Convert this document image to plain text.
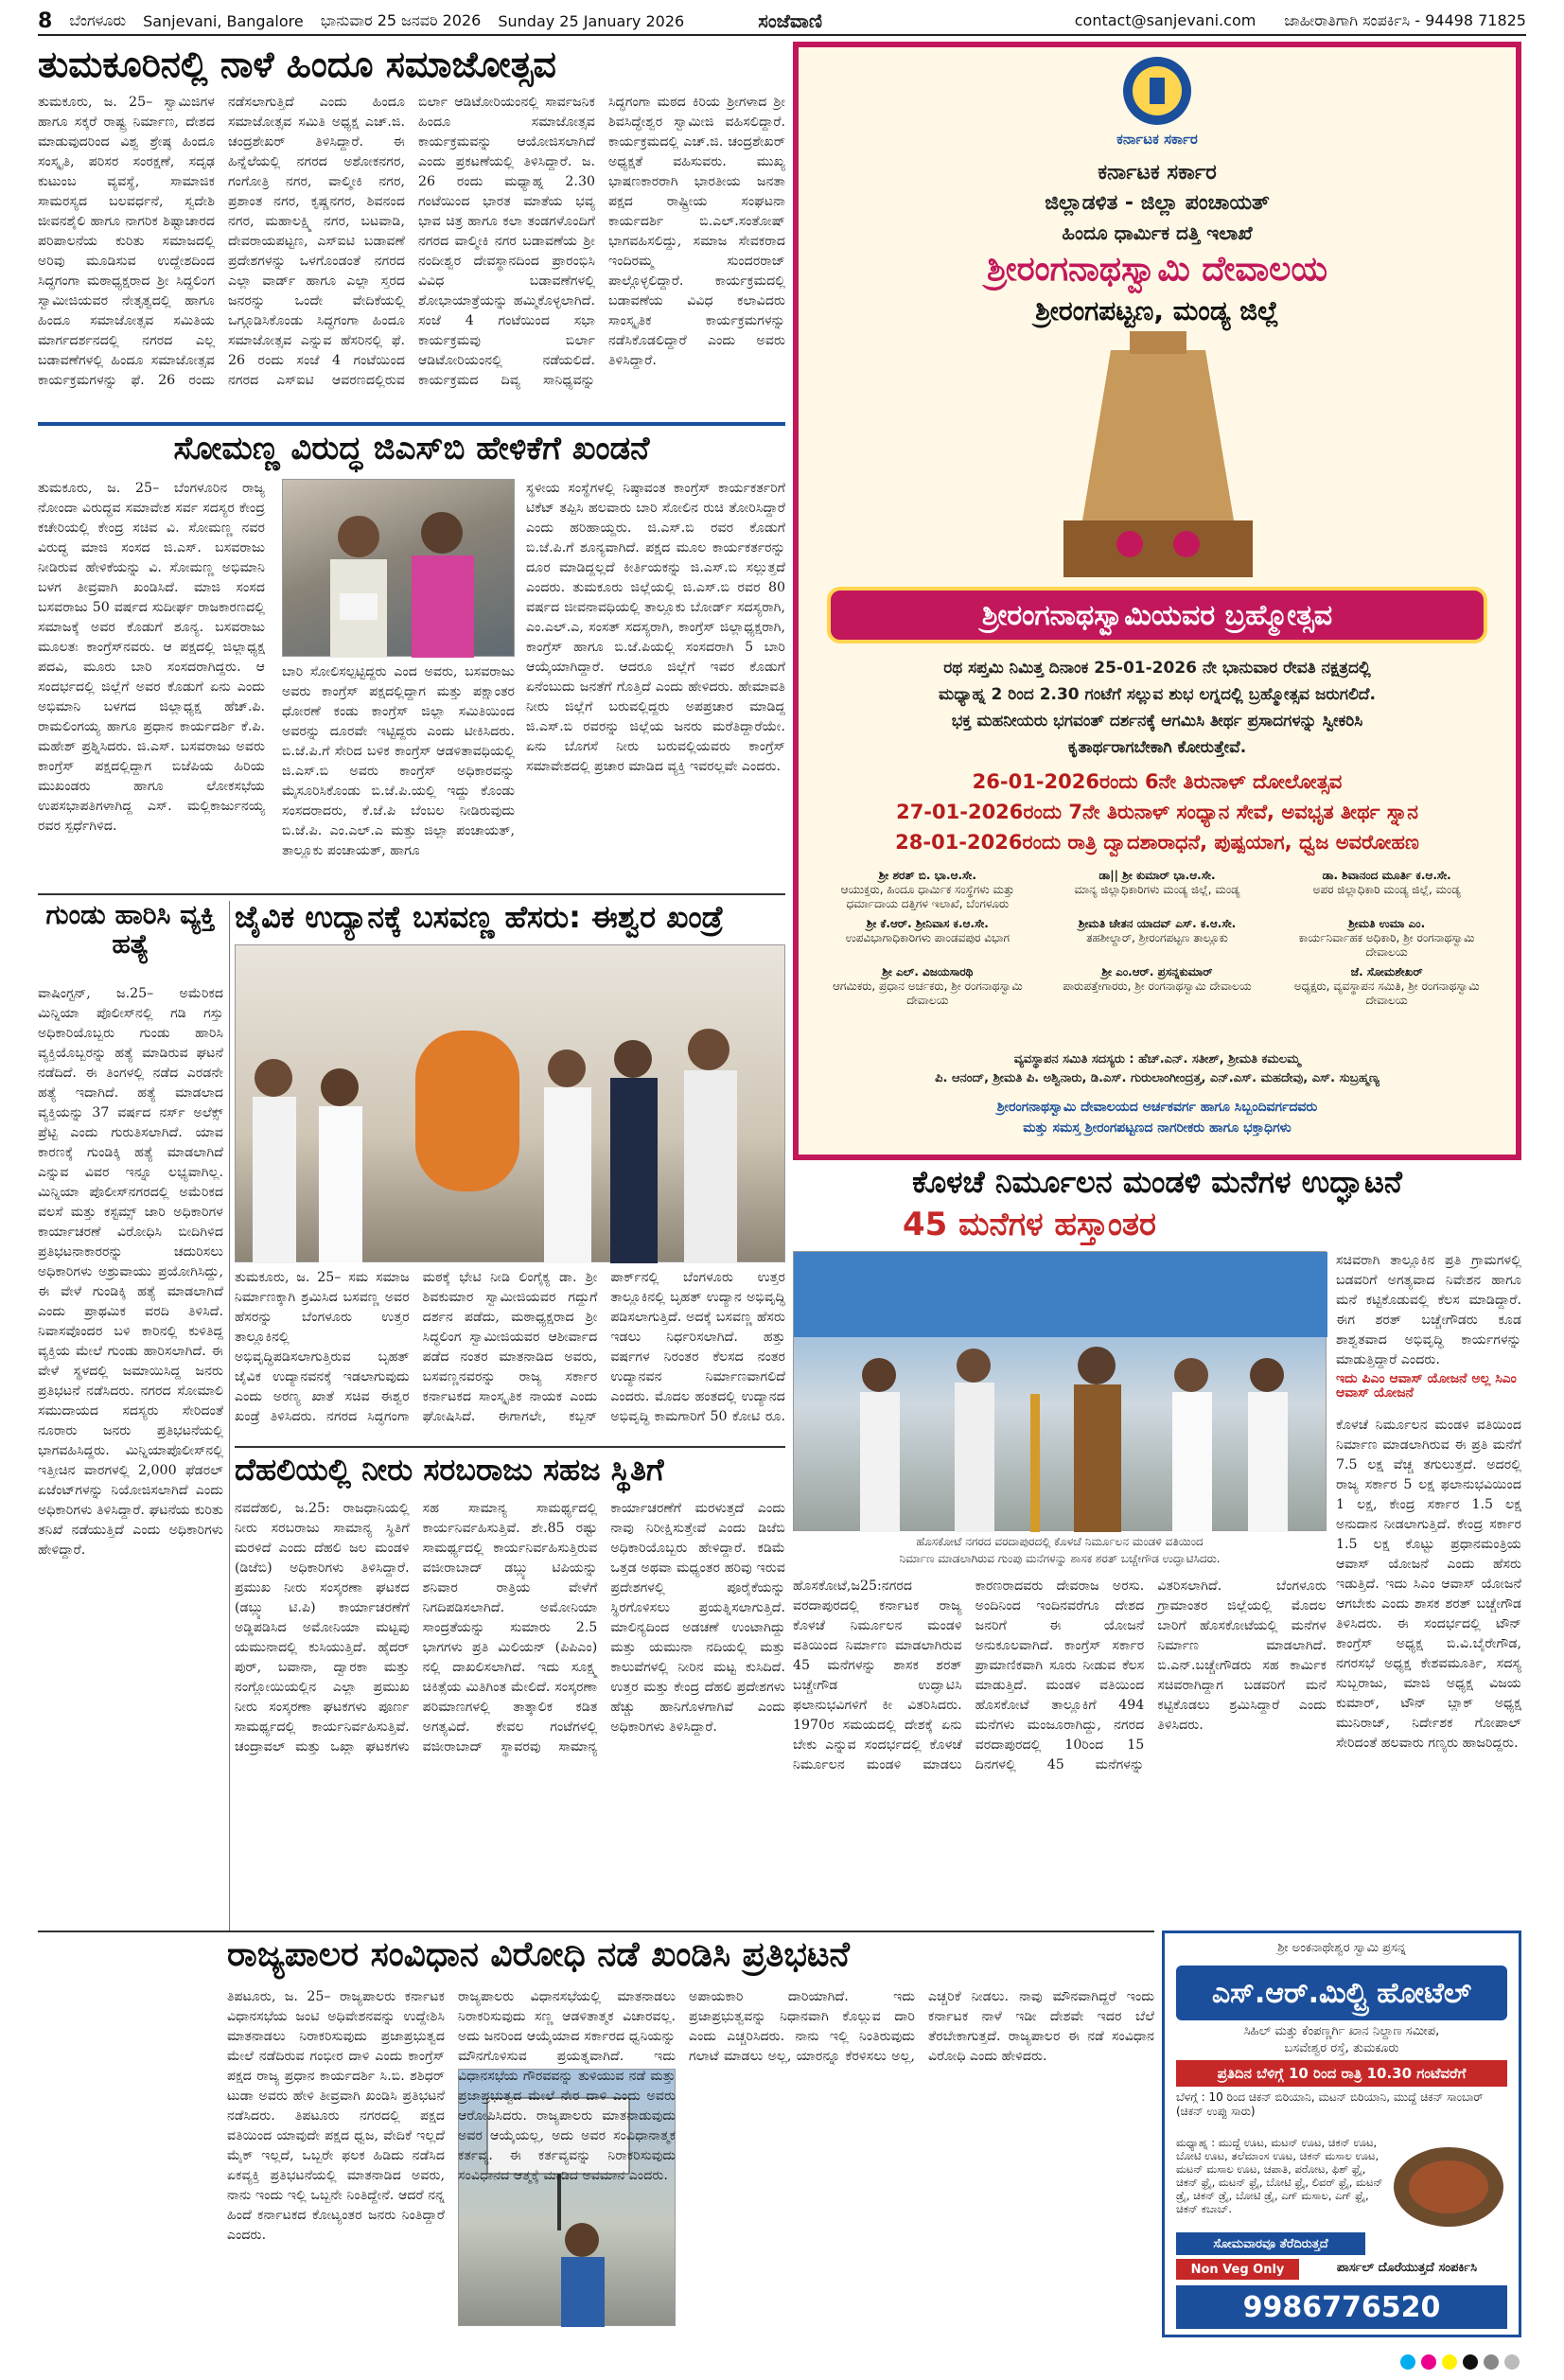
8 ಬೆಂಗಳೂರು Sanjevani, Bangalore ಭಾನುವಾರ 25 ಜನವರಿ 2026 Sunday 25 January 2026	ಸಂಜೆವಾಣಿ	contact@sanjevani.com ಜಾಹೀರಾತಿಗಾಗಿ ಸಂಪರ್ಕಿಸಿ - 94498 71825
ತುಮಕೂರಿನಲ್ಲಿ ನಾಳೆ ಹಿಂದೂ ಸಮಾಜೋತ್ಸವ
ತುಮಕೂರು, ಜ. 25– ಸ್ವಾಮಿಜಿಗಳ ಹಾಗೂ ಸಕ್ಕರೆ ರಾಷ್ಟ್ರ ನಿರ್ಮಾಣ, ದೇಶದ ಮಾಡುವುದರಿಂದ ವಿಶ್ವ ಶ್ರೇಷ್ಠ ಹಿಂದೂ ಸಂಸ್ಕೃತಿ, ಪರಿಸರ ಸಂರಕ್ಷಣೆ, ಸದೃಢ ಕುಟುಂಬ ವ್ಯವಸ್ಥೆ, ಸಾಮಾಜಿಕ ಸಾಮರಸ್ಯದ ಬಲವರ್ಧನೆ, ಸ್ವದೇಶಿ ಜೀವನಶೈಲಿ ಹಾಗೂ ನಾಗರಿಕ ಶಿಷ್ಟಾಚಾರದ ಪರಿಪಾಲನೆಯ ಕುರಿತು ಸಮಾಜದಲ್ಲಿ ಅರಿವು ಮೂಡಿಸುವ ಉದ್ದೇಶದಿಂದ ಸಿದ್ಧಗಂಗಾ ಮಠಾಧ್ಯಕ್ಷರಾದ ಶ್ರೀ ಸಿದ್ಧಲಿಂಗ ಸ್ವಾಮೀಜಿಯವರ ನೇತೃತ್ವದಲ್ಲಿ ಹಾಗೂ ಹಿಂದೂ ಸಮಾಜೋತ್ಸವ ಸಮಿತಿಯ ಮಾರ್ಗದರ್ಶನದಲ್ಲಿ ನಗರದ ಎಲ್ಲ ಬಡಾವಣೆಗಳಲ್ಲಿ ಹಿಂದೂ ಸಮಾಜೋತ್ಸವ ಕಾರ್ಯಕ್ರಮಗಳನ್ನು ಫೆ. 26 ರಂದು ನಡೆಸಲಾಗುತ್ತಿದೆ ಎಂದು ಹಿಂದೂ ಸಮಾಜೋತ್ಸವ ಸಮಿತಿ ಅಧ್ಯಕ್ಷ ಎಚ್.ಜಿ. ಚಂದ್ರಶೇಖರ್ ತಿಳಿಸಿದ್ದಾರೆ. ಈ ಹಿನ್ನೆಲೆಯಲ್ಲಿ ನಗರದ ಅಶೋಕನಗರ, ಗಂಗೋತ್ರಿ ನಗರ, ವಾಲ್ಮೀಕಿ ನಗರ, ಪ್ರಶಾಂತ ನಗರ, ಕೃಷ್ಣನಗರ, ಶಿವನಂದ ನಗರ, ಮಹಾಲಕ್ಷ್ಮಿ ನಗರ, ಬಟವಾಡಿ, ದೇವರಾಯಪಟ್ಟಣ, ಎಸ್ಐಟಿ ಬಡಾವಣೆ ಪ್ರದೇಶಗಳನ್ನು ಒಳಗೊಂಡಂತೆ ನಗರದ ಎಲ್ಲಾ ವಾರ್ಡ್ ಹಾಗೂ ಎಲ್ಲಾ ಸ್ತರದ ಜನರನ್ನು ಒಂದೇ ವೇದಿಕೆಯಲ್ಲಿ ಒಗ್ಗೂಡಿಸಿಕೊಂಡು ಸಿದ್ಧಗಂಗಾ ಹಿಂದೂ ಸಮಾಜೋತ್ಸವ ಎನ್ನುವ ಹೆಸರಿನಲ್ಲಿ ಫೆ. 26 ರಂದು ಸಂಜೆ 4 ಗಂಟೆಯಿಂದ ನಗರದ ಎಸ್ಐಟಿ ಆವರಣದಲ್ಲಿರುವ ಬಿರ್ಲಾ ಆಡಿಟೋರಿಯಂನಲ್ಲಿ ಸಾರ್ವಜನಿಕ ಹಿಂದೂ ಸಮಾಜೋತ್ಸವ ಕಾರ್ಯಕ್ರಮವನ್ನು ಆಯೋಜಿಸಲಾಗಿದೆ ಎಂದು ಪ್ರಕಟಣೆಯಲ್ಲಿ ತಿಳಿಸಿದ್ದಾರೆ. ಜ. 26 ರಂದು ಮಧ್ಯಾಹ್ನ 2.30 ಗಂಟೆಯಿಂದ ಭಾರತ ಮಾತೆಯ ಭವ್ಯ ಭಾವ ಚಿತ್ರ ಹಾಗೂ ಕಲಾ ತಂಡಗಳೊಂದಿಗೆ ನಗರದ ವಾಲ್ಮೀಕಿ ನಗರ ಬಡಾವಣೆಯ ಶ್ರೀ ನಂದೀಶ್ವರ ದೇವಸ್ಥಾನದಿಂದ ಪ್ರಾರಂಭಿಸಿ ವಿವಿಧ ಬಡಾವಣೆಗಳಲ್ಲಿ ಶೋಭಾಯಾತ್ರೆಯನ್ನು ಹಮ್ಮಿಕೊಳ್ಳಲಾಗಿದೆ. ಸಂಜೆ 4 ಗಂಟೆಯಿಂದ ಸಭಾ ಕಾರ್ಯಕ್ರಮವು ಬಿರ್ಲಾ ಆಡಿಟೋರಿಯಂನಲ್ಲಿ ನಡೆಯಲಿದೆ. ಕಾರ್ಯಕ್ರಮದ ದಿವ್ಯ ಸಾನಿಧ್ಯವನ್ನು ಸಿದ್ಧಗಂಗಾ ಮಠದ ಕಿರಿಯ ಶ್ರೀಗಳಾದ ಶ್ರೀ ಶಿವಸಿದ್ಧೇಶ್ವರ ಸ್ವಾಮೀಜಿ ವಹಿಸಲಿದ್ದಾರೆ. ಕಾರ್ಯಕ್ರಮದಲ್ಲಿ ಎಚ್.ಜಿ. ಚಂದ್ರಶೇಖರ್ ಅಧ್ಯಕ್ಷತೆ ವಹಿಸುವರು. ಮುಖ್ಯ ಭಾಷಣಕಾರರಾಗಿ ಭಾರತೀಯ ಜನತಾ ಪಕ್ಷದ ರಾಷ್ಟ್ರೀಯ ಸಂಘಟನಾ ಕಾರ್ಯದರ್ಶಿ ಬಿ.ಎಲ್.ಸಂತೋಷ್ ಭಾಗವಹಿಸಲಿದ್ದು, ಸಮಾಜ ಸೇವಕರಾದ ಇಂದಿರಮ್ಮ ಸುಂದರರಾಜ್ ಪಾಲ್ಗೊಳ್ಳಲಿದ್ದಾರೆ. ಕಾರ್ಯಕ್ರಮದಲ್ಲಿ ಬಡಾವಣೆಯ ವಿವಿಧ ಕಲಾವಿದರು ಸಾಂಸ್ಕೃತಿಕ ಕಾರ್ಯಕ್ರಮಗಳನ್ನು ನಡೆಸಿಕೊಡಲಿದ್ದಾರೆ ಎಂದು ಅವರು ತಿಳಿಸಿದ್ದಾರೆ.
ಸೋಮಣ್ಣ ವಿರುದ್ಧ ಜಿಎಸ್‌ಬಿ ಹೇಳಿಕೆಗೆ ಖಂಡನೆ
ತುಮಕೂರು, ಜ. 25– ಬೆಂಗಳೂರಿನ ರಾಜ್ಯ ನೋಂದಾ ವಿರುದ್ಧವ ಸಮಾವೇಶ ಸರ್ವ ಸದಸ್ಯರ ಕೇಂದ್ರ ಕಚೇರಿಯಲ್ಲಿ ಕೇಂದ್ರ ಸಚಿವ ವಿ. ಸೋಮಣ್ಣ ನವರ ವಿರುದ್ಧ ಮಾಜಿ ಸಂಸದ ಜಿ.ಎಸ್. ಬಸವರಾಜು ನೀಡಿರುವ ಹೇಳಿಕೆಯನ್ನು ವಿ. ಸೋಮಣ್ಣ ಅಭಿಮಾನಿ ಬಳಗ ತೀವ್ರವಾಗಿ ಖಂಡಿಸಿದೆ. ಮಾಜಿ ಸಂಸದ ಬಸವರಾಜು 50 ವರ್ಷದ ಸುದೀರ್ಘ ರಾಜಕಾರಣದಲ್ಲಿ ಸಮಾಜಕ್ಕೆ ಅವರ ಕೊಡುಗೆ ಶೂನ್ಯ. ಬಸವರಾಜು ಮೂಲತಃ ಕಾಂಗ್ರೆಸ್‌ನವರು. ಆ ಪಕ್ಷದಲ್ಲಿ ಜಿಲ್ಲಾಧ್ಯಕ್ಷ ಪದವಿ, ಮೂರು ಬಾರಿ ಸಂಸದರಾಗಿದ್ದರು. ಆ ಸಂದರ್ಭದಲ್ಲಿ ಜಿಲ್ಲೆಗೆ ಅವರ ಕೊಡುಗೆ ಏನು ಎಂದು ಅಭಿಮಾನಿ ಬಳಗದ ಜಿಲ್ಲಾಧ್ಯಕ್ಷ ಹೆಚ್.ಪಿ. ರಾಮಲಿಂಗಯ್ಯ ಹಾಗೂ ಪ್ರಧಾನ ಕಾರ್ಯದರ್ಶಿ ಕೆ.ಪಿ. ಮಹೇಶ್ ಪ್ರಶ್ನಿಸಿದರು. ಜಿ.ಎಸ್. ಬಸವರಾಜು ಅವರು ಕಾಂಗ್ರೆಸ್ ಪಕ್ಷದಲ್ಲಿದ್ದಾಗ ಬಿಜೆಪಿಯ ಹಿರಿಯ ಮುಖಂಡರು ಹಾಗೂ ಲೋಕಸಭೆಯ ಉಪಸಭಾಪತಿಗಳಾಗಿದ್ದ ಎಸ್. ಮಲ್ಲಿಕಾರ್ಜುನಯ್ಯ ರವರ ಸ್ಪರ್ಧೆಗಿಳಿದ.
ಬಾರಿ ಸೋಲಿಸಲ್ಪಟ್ಟಿದ್ದರು ಎಂದ ಅವರು, ಬಸವರಾಜು ಅವರು ಕಾಂಗ್ರೆಸ್ ಪಕ್ಷದಲ್ಲಿದ್ದಾಗ ಮತ್ತು ಪಕ್ಷಾಂತರ ಧೋರಣೆ ಕಂಡು ಕಾಂಗ್ರೆಸ್ ಜಿಲ್ಲಾ ಸಮಿತಿಯಿಂದ ಅವರನ್ನು ದೂರವೇ ಇಟ್ಟಿದ್ದರು ಎಂದು ಟೀಕಿಸಿದರು. ಬಿ.ಜೆ.ಪಿ.ಗೆ ಸೇರಿದ ಬಳಿಕ ಕಾಂಗ್ರೆಸ್ ಆಡಳಿತಾವಧಿಯಲ್ಲಿ ಜಿ.ಎಸ್.ಬಿ ಅವರು ಕಾಂಗ್ರೆಸ್ ಅಧಿಕಾರವನ್ನು ಮೈಸೂರಿಸಿಕೊಂಡು ಬಿ.ಜೆ.ಪಿ.ಯಲ್ಲಿ ಇದ್ದು ಕೊಂಡು ಸಂಸದರಾದರು, ಕೆ.ಜೆ.ಪಿ ಬೆಂಬಲ ನೀಡಿರುವುದು ಬಿ.ಜೆ.ಪಿ. ಎಂ.ಎಲ್.ಎ ಮತ್ತು ಜಿಲ್ಲಾ ಪಂಚಾಯತ್, ತಾಲ್ಲೂಕು ಪಂಚಾಯತ್, ಹಾಗೂ
ಸ್ಥಳೀಯ ಸಂಸ್ಥೆಗಳಲ್ಲಿ ನಿಷ್ಠಾವಂತ ಕಾಂಗ್ರೆಸ್ ಕಾರ್ಯಕರ್ತರಿಗೆ ಟಿಕೆಟ್ ತಪ್ಪಿಸಿ ಹಲವಾರು ಬಾರಿ ಸೋಲಿನ ರುಚಿ ತೋರಿಸಿದ್ದಾರೆ ಎಂದು ಹರಿಹಾಯ್ದರು. ಜಿ.ಎಸ್.ಬಿ ರವರ ಕೊಡುಗೆ ಬಿ.ಜೆ.ಪಿ.ಗೆ ಶೂನ್ಯವಾಗಿದೆ. ಪಕ್ಷದ ಮೂಲ ಕಾರ್ಯಕರ್ತರನ್ನು ದೂರ ಮಾಡಿದ್ದಲ್ಲದೆ ಕೀರ್ತಿಯಕನ್ನು ಜಿ.ಎಸ್.ಬಿ ಸಲ್ಲುತ್ತದೆ ಎಂದರು. ತುಮಕೂರು ಜಿಲ್ಲೆಯಲ್ಲಿ ಜಿ.ಎಸ್.ಬಿ ರವರ 80 ವರ್ಷದ ಜೀವನಾವಧಿಯಲ್ಲಿ ತಾಲ್ಲೂಕು ಬೋರ್ಡ್ ಸದಸ್ಯರಾಗಿ, ಎಂ.ಎಲ್.ಎ, ಸಂಸತ್ ಸದಸ್ಯರಾಗಿ, ಕಾಂಗ್ರೆಸ್ ಜಿಲ್ಲಾಧ್ಯಕ್ಷರಾಗಿ, ಕಾಂಗ್ರೆಸ್ ಹಾಗೂ ಬಿ.ಜೆ.ಪಿಯಲ್ಲಿ ಸಂಸದರಾಗಿ 5 ಬಾರಿ ಆಯ್ಕೆಯಾಗಿದ್ದಾರೆ. ಆದರೂ ಜಿಲ್ಲೆಗೆ ಇವರ ಕೊಡುಗೆ ಏನೆಂಬುದು ಜನತೆಗೆ ಗೊತ್ತಿದೆ ಎಂದು ಹೇಳಿದರು. ಹೇಮಾವತಿ ನೀರು ಜಿಲ್ಲೆಗೆ ಬರುವಲ್ಲಿದ್ದರು ಅಪಪ್ರಚಾರ ಮಾಡಿದ್ದ ಜಿ.ಎಸ್.ಬಿ ರವರನ್ನು ಜಿಲ್ಲೆಯ ಜನರು ಮರೆತಿದ್ದಾರೆಯೇ. ಏನು ಬೊಗಸೆ ನೀರು ಬರುವಲ್ಲಿಯವರು ಕಾಂಗ್ರೆಸ್ ಸಮಾವೇಶದಲ್ಲಿ ಪ್ರಚಾರ ಮಾಡಿದ ವ್ಯಕ್ತಿ ಇವರಲ್ಲವೇ ಎಂದರು.
ಗುಂಡು ಹಾರಿಸಿ ವ್ಯಕ್ತಿ ಹತ್ಯೆ
ವಾಷಿಂಗ್ಟನ್, ಜ.25– ಅಮೆರಿಕದ ಮಿನ್ನಿಯಾ ಪೊಲೀಸ್‌ನಲ್ಲಿ ಗಡಿ ಗಸ್ತು ಅಧಿಕಾರಿಯೊಬ್ಬರು ಗುಂಡು ಹಾರಿಸಿ ವ್ಯಕ್ತಿಯೊಬ್ಬರನ್ನು ಹತ್ಯೆ ಮಾಡಿರುವ ಘಟನೆ ನಡೆದಿದೆ. ಈ ತಿಂಗಳಲ್ಲಿ ನಡೆದ ಎರಡನೇ ಹತ್ಯೆ ಇದಾಗಿದೆ. ಹತ್ಯೆ ಮಾಡಲಾದ ವ್ಯಕ್ತಿಯನ್ನು 37 ವರ್ಷದ ನರ್ಸ್ ಅಲೆಕ್ಸ್ ಪ್ರೆಟ್ಟಿ ಎಂದು ಗುರುತಿಸಲಾಗಿದೆ. ಯಾವ ಕಾರಣಕ್ಕೆ ಗುಂಡಿಕ್ಕಿ ಹತ್ಯೆ ಮಾಡಲಾಗಿದೆ ಎನ್ನುವ ವಿವರ ಇನ್ನೂ ಲಭ್ಯವಾಗಿಲ್ಲ. ಮಿನ್ನಿಯಾ ಪೊಲೀಸ್‌ನಗರದಲ್ಲಿ ಅಮೆರಿಕದ ವಲಸೆ ಮತ್ತು ಕಸ್ಟಮ್ಸ್ ಜಾರಿ ಅಧಿಕಾರಿಗಳ ಕಾರ್ಯಾಚರಣೆ ವಿರೋಧಿಸಿ ಬೀದಿಗಿಳಿದ ಪ್ರತಿಭಟನಾಕಾರರನ್ನು ಚದುರಿಸಲು ಅಧಿಕಾರಿಗಳು ಅಶ್ರುವಾಯು ಪ್ರಯೋಗಿಸಿದ್ದು, ಈ ವೇಳೆ ಗುಂಡಿಕ್ಕಿ ಹತ್ಯೆ ಮಾಡಲಾಗಿದೆ ಎಂದು ಪ್ರಾಥಮಿಕ ವರದಿ ತಿಳಿಸಿದೆ. ನಿವಾಸವೊಂದರ ಬಳಿ ಕಾರಿನಲ್ಲಿ ಕುಳಿತಿದ್ದ ವ್ಯಕ್ತಿಯ ಮೇಲೆ ಗುಂಡು ಹಾರಿಸಲಾಗಿದೆ. ಈ ವೇಳೆ ಸ್ಥಳದಲ್ಲಿ ಜಮಾಯಿಸಿದ್ದ ಜನರು ಪ್ರತಿಭಟನೆ ನಡೆಸಿದರು. ನಗರದ ಸೋಮಾಲಿ ಸಮುದಾಯದ ಸದಸ್ಯರು ಸೇರಿದಂತೆ ನೂರಾರು ಜನರು ಪ್ರತಿಭಟನೆಯಲ್ಲಿ ಭಾಗವಹಿಸಿದ್ದರು. ಮಿನ್ನಿಯಾಪೊಲೀಸ್‌ನಲ್ಲಿ ಇತ್ತೀಚಿನ ವಾರಗಳಲ್ಲಿ 2,000 ಫೆಡರಲ್ ಏಜೆಂಟ್‌ಗಳನ್ನು ನಿಯೋಜಿಸಲಾಗಿದೆ ಎಂದು ಅಧಿಕಾರಿಗಳು ತಿಳಿಸಿದ್ದಾರೆ. ಘಟನೆಯ ಕುರಿತು ತನಿಖೆ ನಡೆಯುತ್ತಿದೆ ಎಂದು ಅಧಿಕಾರಿಗಳು ಹೇಳಿದ್ದಾರೆ.
ಜೈವಿಕ ಉದ್ಯಾನಕ್ಕೆ ಬಸವಣ್ಣ ಹೆಸರು: ಈಶ್ವರ ಖಂಡ್ರೆ
ತುಮಕೂರು, ಜ. 25– ಸಮ ಸಮಾಜ ನಿರ್ಮಾಣಕ್ಕಾಗಿ ಶ್ರಮಿಸಿದ ಬಸವಣ್ಣ ಅವರ ಹೆಸರನ್ನು ಬೆಂಗಳೂರು ಉತ್ತರ ತಾಲ್ಲೂಕಿನಲ್ಲಿ ಅಭಿವೃದ್ಧಿಪಡಿಸಲಾಗುತ್ತಿರುವ ಬೃಹತ್ ಜೈವಿಕ ಉದ್ಯಾನವನಕ್ಕೆ ಇಡಲಾಗುವುದು ಎಂದು ಅರಣ್ಯ ಖಾತೆ ಸಚಿವ ಈಶ್ವರ ಖಂಡ್ರೆ ತಿಳಿಸಿದರು. ನಗರದ ಸಿದ್ಧಗಂಗಾ ಮಠಕ್ಕೆ ಭೇಟಿ ನೀಡಿ ಲಿಂಗೈಕ್ಯ ಡಾ. ಶ್ರೀ ಶಿವಕುಮಾರ ಸ್ವಾಮೀಜಿಯವರ ಗದ್ದುಗೆ ದರ್ಶನ ಪಡೆದು, ಮಠಾಧ್ಯಕ್ಷರಾದ ಶ್ರೀ ಸಿದ್ಧಲಿಂಗ ಸ್ವಾಮೀಜಿಯವರ ಆಶೀರ್ವಾದ ಪಡೆದ ನಂತರ ಮಾತನಾಡಿದ ಅವರು, ಬಸವಣ್ಣನವರನ್ನು ರಾಜ್ಯ ಸರ್ಕಾರ ಕರ್ನಾಟಕದ ಸಾಂಸ್ಕೃತಿಕ ನಾಯಕ ಎಂದು ಘೋಷಿಸಿದೆ. ಈಗಾಗಲೇ, ಕಬ್ಬನ್ ಪಾರ್ಕ್‌ನಲ್ಲಿ ಬೆಂಗಳೂರು ಉತ್ತರ ತಾಲ್ಲೂಕಿನಲ್ಲಿ ಬೃಹತ್ ಉದ್ಯಾನ ಅಭಿವೃದ್ಧಿ ಪಡಿಸಲಾಗುತ್ತಿದೆ. ಅದಕ್ಕೆ ಬಸವಣ್ಣ ಹೆಸರು ಇಡಲು ನಿರ್ಧರಿಸಲಾಗಿದೆ. ಹತ್ತು ವರ್ಷಗಳ ನಿರಂತರ ಕೆಲಸದ ನಂತರ ಉದ್ಯಾನವನ ನಿರ್ಮಾಣವಾಗಲಿದೆ ಎಂದರು. ಮೊದಲ ಹಂತದಲ್ಲಿ ಉದ್ಯಾನದ ಅಭಿವೃದ್ಧಿ ಕಾಮಗಾರಿಗೆ 50 ಕೋಟಿ ರೂ.
ದೆಹಲಿಯಲ್ಲಿ ನೀರು ಸರಬರಾಜು ಸಹಜ ಸ್ಥಿತಿಗೆ
ನವದೆಹಲಿ, ಜ.25: ರಾಜಧಾನಿಯಲ್ಲಿ ನೀರು ಸರಬರಾಜು ಸಾಮಾನ್ಯ ಸ್ಥಿತಿಗೆ ಮರಳಿದೆ ಎಂದು ದೆಹಲಿ ಜಲ ಮಂಡಳಿ (ಡಿಜೆಬಿ) ಅಧಿಕಾರಿಗಳು ತಿಳಿಸಿದ್ದಾರೆ. ಪ್ರಮುಖ ನೀರು ಸಂಸ್ಕರಣಾ ಘಟಕದ (ಡಬ್ಲ್ಯು ಟಿ.ಪಿ) ಕಾರ್ಯಾಚರಣೆಗೆ ಅಡ್ಡಿಪಡಿಸಿದ ಅಮೋನಿಯಾ ಮಟ್ಟವು ಯಮುನಾದಲ್ಲಿ ಕುಸಿಯುತ್ತಿದೆ. ಹೈದರ್ ಪುರ್, ಬವಾನಾ, ದ್ವಾರಕಾ ಮತ್ತು ನಂಗ್ಲೋಯಿಯಲ್ಲಿನ ಎಲ್ಲಾ ಪ್ರಮುಖ ನೀರು ಸಂಸ್ಕರಣಾ ಘಟಕಗಳು ಪೂರ್ಣ ಸಾಮರ್ಥ್ಯದಲ್ಲಿ ಕಾರ್ಯನಿರ್ವಹಿಸುತ್ತಿವೆ. ಚಂದ್ರಾವಲ್ ಮತ್ತು ಒಖ್ಲಾ ಘಟಕಗಳು ಸಹ ಸಾಮಾನ್ಯ ಸಾಮರ್ಥ್ಯದಲ್ಲಿ ಕಾರ್ಯನಿರ್ವಹಿಸುತ್ತಿವೆ. ಶೇ.85 ರಷ್ಟು ಸಾಮರ್ಥ್ಯದಲ್ಲಿ ಕಾರ್ಯನಿರ್ವಹಿಸುತ್ತಿರುವ ವಜೀರಾಬಾದ್ ಡಬ್ಲ್ಯು ಟಿಪಿಯನ್ನು ಶನಿವಾರ ರಾತ್ರಿಯ ವೇಳೆಗೆ ನಿಗದಿಪಡಿಸಲಾಗಿದೆ. ಅಮೋನಿಯಾ ಸಾಂದ್ರತೆಯನ್ನು ಸುಮಾರು 2.5 ಭಾಗಗಳು ಪ್ರತಿ ಮಿಲಿಯನ್ (ಪಿಪಿಎಂ) ನಲ್ಲಿ ದಾಖಲಿಸಲಾಗಿದೆ. ಇದು ಸೂಕ್ಷ್ಮ ಚಿಕಿತ್ಸೆಯ ಮಿತಿಗಿಂತ ಮೇಲಿದೆ. ಸಂಸ್ಕರಣಾ ಪರಿಮಾಣಗಳಲ್ಲಿ ತಾತ್ಕಾಲಿಕ ಕಡಿತ ಅಗತ್ಯವಿದೆ. ಕೇವಲ ಗಂಟೆಗಳಲ್ಲಿ ವಜೀರಾಬಾದ್ ಸ್ಥಾವರವು ಸಾಮಾನ್ಯ ಕಾರ್ಯಾಚರಣೆಗೆ ಮರಳುತ್ತದೆ ಎಂದು ನಾವು ನಿರೀಕ್ಷಿಸುತ್ತೇವೆ ಎಂದು ಡಿಜೆಬಿ ಅಧಿಕಾರಿಯೊಬ್ಬರು ಹೇಳಿದ್ದಾರೆ. ಕಡಿಮೆ ಒತ್ತಡ ಅಥವಾ ಮಧ್ಯಂತರ ಹರಿವು ಇರುವ ಪ್ರದೇಶಗಳಲ್ಲಿ ಪೂರೈಕೆಯನ್ನು ಸ್ಥಿರಗೊಳಿಸಲು ಪ್ರಯತ್ನಿಸಲಾಗುತ್ತಿದೆ. ಮಾಲಿನ್ಯದಿಂದ ಅಡಚಣೆ ಉಂಟಾಗಿದ್ದು ಮತ್ತು ಯಮುನಾ ನದಿಯಲ್ಲಿ ಮತ್ತು ಕಾಲುವೆಗಳಲ್ಲಿ ನೀರಿನ ಮಟ್ಟ ಕುಸಿದಿದೆ. ಉತ್ತರ ಮತ್ತು ಕೇಂದ್ರ ದೆಹಲಿ ಪ್ರದೇಶಗಳು ಹೆಚ್ಚು ಹಾನಿಗೊಳಗಾಗಿವೆ ಎಂದು ಅಧಿಕಾರಿಗಳು ತಿಳಿಸಿದ್ದಾರೆ.
ಕರ್ನಾಟಕ ಸರ್ಕಾರ
ಕರ್ನಾಟಕ ಸರ್ಕಾರ
ಜಿಲ್ಲಾಡಳಿತ - ಜಿಲ್ಲಾ ಪಂಚಾಯತ್
ಹಿಂದೂ ಧಾರ್ಮಿಕ ದತ್ತಿ ಇಲಾಖೆ
ಶ್ರೀರಂಗನಾಥಸ್ವಾಮಿ ದೇವಾಲಯ
ಶ್ರೀರಂಗಪಟ್ಟಣ, ಮಂಡ್ಯ ಜಿಲ್ಲೆ
ಶ್ರೀರಂಗನಾಥಸ್ವಾಮಿಯವರ ಬ್ರಹ್ಮೋತ್ಸವ
ರಥ ಸಪ್ತಮಿ ನಿಮಿತ್ತ ದಿನಾಂಕ 25-01-2026 ನೇ ಭಾನುವಾರ ರೇವತಿ ನಕ್ಷತ್ರದಲ್ಲಿ
ಮಧ್ಯಾಹ್ನ 2 ರಿಂದ 2.30 ಗಂಟೆಗೆ ಸಲ್ಲುವ ಶುಭ ಲಗ್ನದಲ್ಲಿ ಬ್ರಹ್ಮೋತ್ಸವ ಜರುಗಲಿದೆ.
ಭಕ್ತ ಮಹನೀಯರು ಭಗವಂತ್ ದರ್ಶನಕ್ಕೆ ಆಗಮಿಸಿ ತೀರ್ಥ ಪ್ರಸಾದಗಳನ್ನು ಸ್ವೀಕರಿಸಿ
ಕೃತಾರ್ಥರಾಗಬೇಕಾಗಿ ಕೋರುತ್ತೇವೆ.
26-01-2026ರಂದು 6ನೇ ತಿರುನಾಳ್ ದೋಲೋತ್ಸವ
27-01-2026ರಂದು 7ನೇ ತಿರುನಾಳ್ ಸಂಧ್ಯಾನ ಸೇವೆ, ಅವಭೃತ ತೀರ್ಥ ಸ್ನಾನ
28-01-2026ರಂದು ರಾತ್ರಿ ದ್ವಾದಶಾರಾಧನೆ, ಪುಷ್ಪಯಾಗ, ಧ್ವಜ ಅವರೋಹಣ
ಶ್ರೀ ಶರತ್ ಬಿ. ಭಾ.ಆ.ಸೇ.
ಆಯುಕ್ತರು, ಹಿಂದೂ ಧಾರ್ಮಿಕ ಸಂಸ್ಥೆಗಳು ಮತ್ತು ಧರ್ಮಾದಾಯ ದತ್ತಿಗಳ ಇಲಾಖೆ, ಬೆಂಗಳೂರು
ಡಾ|| ಶ್ರೀ ಕುಮಾರ್ ಭಾ.ಆ.ಸೇ.
ಮಾನ್ಯ ಜಿಲ್ಲಾಧಿಕಾರಿಗಳು ಮಂಡ್ಯ ಜಿಲ್ಲೆ, ಮಂಡ್ಯ
ಡಾ. ಶಿವಾನಂದ ಮೂರ್ತಿ ಕ.ಆ.ಸೇ.
ಅಪರ ಜಿಲ್ಲಾಧಿಕಾರಿ ಮಂಡ್ಯ ಜಿಲ್ಲೆ, ಮಂಡ್ಯ
ಶ್ರೀ ಕೆ.ಆರ್. ಶ್ರೀನಿವಾಸ ಕ.ಆ.ಸೇ.
ಉಪವಿಭಾಗಾಧಿಕಾರಿಗಳು ಪಾಂಡವಪುರ ವಿಭಾಗ
ಶ್ರೀಮತಿ ಚೇತನ ಯಾದವ್ ಎಸ್. ಕ.ಆ.ಸೇ.
ತಹಶೀಲ್ದಾರ್, ಶ್ರೀರಂಗಪಟ್ಟಣ ತಾಲ್ಲೂಕು
ಶ್ರೀಮತಿ ಉಮಾ ಎಂ.
ಕಾರ್ಯನಿರ್ವಾಹಕ ಅಧಿಕಾರಿ, ಶ್ರೀ ರಂಗನಾಥಸ್ವಾಮಿ ದೇವಾಲಯ
ಶ್ರೀ ಎಲ್. ವಿಜಯಸಾರಥಿ
ಆಗಮಿಕರು, ಪ್ರಧಾನ ಅರ್ಚಕರು, ಶ್ರೀ ರಂಗನಾಥಸ್ವಾಮಿ ದೇವಾಲಯ
ಶ್ರೀ ಎಂ.ಆರ್. ಪ್ರಸನ್ನಕುಮಾರ್
ಪಾರುಪತ್ತೇಗಾರರು, ಶ್ರೀ ರಂಗನಾಥಸ್ವಾಮಿ ದೇವಾಲಯ
ಜೆ. ಸೋಮಶೇಖರ್
ಅಧ್ಯಕ್ಷರು, ವ್ಯವಸ್ಥಾಪನ ಸಮಿತಿ, ಶ್ರೀ ರಂಗನಾಥಸ್ವಾಮಿ ದೇವಾಲಯ
ವ್ಯವಸ್ಥಾಪನ ಸಮಿತಿ ಸದಸ್ಯರು : ಹೆಚ್.ಎನ್. ಸತೀಶ್, ಶ್ರೀಮತಿ ಕಮಲಮ್ಮ
ಪಿ. ಆನಂದ್, ಶ್ರೀಮತಿ ಪಿ. ಅಶ್ವಿನಾರು, ಡಿ.ಎಸ್. ಗುರುಲಾಂಗೀಂದ್ರತ್ತ, ಎನ್.ಎಸ್. ಮಹದೇವು, ಎಸ್. ಸುಬ್ರಹ್ಮಣ್ಯ
ಶ್ರೀರಂಗನಾಥಸ್ವಾಮಿ ದೇವಾಲಯದ ಅರ್ಚಕವರ್ಗ ಹಾಗೂ ಸಿಬ್ಬಂದಿವರ್ಗದವರು
ಮತ್ತು ಸಮಸ್ತ ಶ್ರೀರಂಗಪಟ್ಟಣದ ನಾಗರೀಕರು ಹಾಗೂ ಭಕ್ತಾಧಿಗಳು
ಕೊಳಚೆ ನಿರ್ಮೂಲನ ಮಂಡಳಿ ಮನೆಗಳ ಉದ್ಘಾಟನೆ
45 ಮನೆಗಳ ಹಸ್ತಾಂತರ
ಹೊಸಕೋಟೆ ನಗರದ ವರದಾಪುರದಲ್ಲಿ ಕೊಳಚೆ ನಿರ್ಮೂಲನ ಮಂಡಳಿ ವತಿಯಿಂದ
ನಿರ್ಮಾಣ ಮಾಡಲಾಗಿರುವ ಗುಂಪು ಮನೆಗಳನ್ನು ಶಾಸಕ ಶರತ್ ಬಚ್ಚೇಗೌಡ ಉದ್ಘಾಟಿಸಿದರು.
ಸಚಿವರಾಗಿ ತಾಲ್ಲೂಕಿನ ಪ್ರತಿ ಗ್ರಾಮಗಳಲ್ಲಿ ಬಡವರಿಗೆ ಅಗತ್ಯವಾದ ನಿವೇಶನ ಹಾಗೂ ಮನೆ ಕಟ್ಟಿಕೊಡುವಲ್ಲಿ ಕೆಲಸ ಮಾಡಿದ್ದಾರೆ. ಈಗ ಶರತ್ ಬಚ್ಚೇಗೌಡರು ಕೂಡ ಶಾಶ್ವತವಾದ ಅಭಿವೃದ್ಧಿ ಕಾರ್ಯಗಳನ್ನು ಮಾಡುತ್ತಿದ್ದಾರೆ ಎಂದರು.
ಇದು ಪಿಎಂ ಆವಾಸ್ ಯೋಜನೆ ಅಲ್ಲ ಸಿಎಂ ಆವಾಸ್ ಯೋಜನೆ
ಕೊಳಚೆ ನಿರ್ಮೂಲನ ಮಂಡಳಿ ವತಿಯಿಂದ ನಿರ್ಮಾಣ ಮಾಡಲಾಗಿರುವ ಈ ಪ್ರತಿ ಮನೆಗೆ 7.5 ಲಕ್ಷ ವೆಚ್ಚ ತಗುಲುತ್ತದೆ. ಅದರಲ್ಲಿ ರಾಜ್ಯ ಸರ್ಕಾರ 5 ಲಕ್ಷ ಫಲಾನುಭವಿಯಿಂದ 1 ಲಕ್ಷ, ಕೇಂದ್ರ ಸರ್ಕಾರ 1.5 ಲಕ್ಷ ಅನುದಾನ ನೀಡಲಾಗುತ್ತಿದೆ. ಕೇಂದ್ರ ಸರ್ಕಾರ 1.5 ಲಕ್ಷ ಕೊಟ್ಟು ಪ್ರಧಾನಮಂತ್ರಿಯ ಆವಾಸ್ ಯೋಜನೆ ಎಂದು ಹೆಸರು ಇಡುತ್ತಿದೆ. ಇದು ಸಿಎಂ ಆವಾಸ್ ಯೋಜನೆ ಆಗಬೇಕು ಎಂದು ಶಾಸಕ ಶರತ್ ಬಚ್ಚೇಗೌಡ ತಿಳಿಸಿದರು. ಈ ಸಂದರ್ಭದಲ್ಲಿ ಟೌನ್ ಕಾಂಗ್ರೆಸ್ ಅಧ್ಯಕ್ಷ ಬಿ.ವಿ.ಬೈರೇಗೌಡ, ನಗರಸಭೆ ಅಧ್ಯಕ್ಷ ಕೇಶವಮೂರ್ತಿ, ಸದಸ್ಯ ಸುಬ್ಬರಾಜು, ಮಾಜಿ ಅಧ್ಯಕ್ಷ ವಿಜಯ ಕುಮಾರ್, ಟೌನ್ ಬ್ಲಾಕ್ ಅಧ್ಯಕ್ಷ ಮುನಿರಾಜ್, ನಿರ್ದೇಶಕ ಗೋಪಾಲ್ ಸೇರಿದಂತೆ ಹಲವಾರು ಗಣ್ಯರು ಹಾಜರಿದ್ದರು.
ಹೊಸಕೋಟೆ,ಜ25:ನಗರದ ವರದಾಪುರದಲ್ಲಿ ಕರ್ನಾಟಕ ರಾಜ್ಯ ಕೊಳಚೆ ನಿರ್ಮೂಲನ ಮಂಡಳಿ ವತಿಯಿಂದ ನಿರ್ಮಾಣ ಮಾಡಲಾಗಿರುವ 45 ಮನೆಗಳನ್ನು ಶಾಸಕ ಶರತ್ ಬಚ್ಚೇಗೌಡ ಉದ್ಘಾಟಿಸಿ ಫಲಾನುಭವಿಗಳಿಗೆ ಕೀ ವಿತರಿಸಿದರು. 1970ರ ಸಮಯದಲ್ಲಿ ದೇಶಕ್ಕೆ ಏನು ಬೇಕು ಎನ್ನುವ ಸಂದರ್ಭದಲ್ಲಿ ಕೊಳಚೆ ನಿರ್ಮೂಲನ ಮಂಡಳಿ ಮಾಡಲು ಕಾರಣರಾದವರು ದೇವರಾಜ ಅರಸು. ಅಂದಿನಿಂದ ಇಂದಿನವರೆಗೂ ದೇಶದ ಜನರಿಗೆ ಈ ಯೋಜನೆ ಅನುಕೂಲವಾಗಿದೆ. ಕಾಂಗ್ರೆಸ್ ಸರ್ಕಾರ ಪ್ರಾಮಾಣಿಕವಾಗಿ ಸೂರು ನೀಡುವ ಕೆಲಸ ಮಾಡುತ್ತಿದೆ. ಮಂಡಳಿ ವತಿಯಿಂದ ಹೊಸಕೋಟೆ ತಾಲ್ಲೂಕಿಗೆ 494 ಮನೆಗಳು ಮಂಜೂರಾಗಿದ್ದು, ನಗರದ ವರದಾಪುರದಲ್ಲಿ 10ರಿಂದ 15 ದಿನಗಳಲ್ಲಿ 45 ಮನೆಗಳನ್ನು ವಿತರಿಸಲಾಗಿದೆ. ಬೆಂಗಳೂರು ಗ್ರಾಮಾಂತರ ಜಿಲ್ಲೆಯಲ್ಲಿ ಮೊದಲ ಬಾರಿಗೆ ಹೊಸಕೋಟೆಯಲ್ಲಿ ಮನೆಗಳ ನಿರ್ಮಾಣ ಮಾಡಲಾಗಿದೆ. ಬಿ.ಎನ್.ಬಚ್ಚೇಗೌಡರು ಸಹ ಕಾರ್ಮಿಕ ಸಚಿವರಾಗಿದ್ದಾಗ ಬಡವರಿಗೆ ಮನೆ ಕಟ್ಟಿಕೊಡಲು ಶ್ರಮಿಸಿದ್ದಾರೆ ಎಂದು ತಿಳಿಸಿದರು.
ರಾಜ್ಯಪಾಲರ ಸಂವಿಧಾನ ವಿರೋಧಿ ನಡೆ ಖಂಡಿಸಿ ಪ್ರತಿಭಟನೆ
ತಿಪಟೂರು, ಜ. 25– ರಾಜ್ಯಪಾಲರು ಕರ್ನಾಟಕ ವಿಧಾನಸಭೆಯ ಜಂಟಿ ಅಧಿವೇಶನವನ್ನು ಉದ್ದೇಶಿಸಿ ಮಾತನಾಡಲು ನಿರಾಕರಿಸುವುದು ಪ್ರಜಾಪ್ರಭುತ್ವದ ಮೇಲೆ ನಡೆದಿರುವ ಗಂಭೀರ ದಾಳಿ ಎಂದು ಕಾಂಗ್ರೆಸ್ ಪಕ್ಷದ ರಾಜ್ಯ ಪ್ರಧಾನ ಕಾರ್ಯದರ್ಶಿ ಸಿ.ಬಿ. ಶಶಿಧರ್ ಟುಡಾ ಅವರು ಹೇಳಿ ತೀವ್ರವಾಗಿ ಖಂಡಿಸಿ ಪ್ರತಿಭಟನೆ ನಡೆಸಿದರು. ತಿಪಟೂರು ನಗರದಲ್ಲಿ ಪಕ್ಷದ ವತಿಯಿಂದ ಯಾವುದೇ ಪಕ್ಷದ ಧ್ವಜ, ವೇದಿಕೆ ಇಲ್ಲದೆ ಮೈಕ್ ಇಲ್ಲದೆ, ಒಬ್ಬರೇ ಫಲಕ ಹಿಡಿದು ನಡೆಸಿದ ಏಕವ್ಯಕ್ತಿ ಪ್ರತಿಭಟನೆಯಲ್ಲಿ ಮಾತನಾಡಿದ ಅವರು, ನಾನು ಇಂದು ಇಲ್ಲಿ ಒಬ್ಬನೇ ನಿಂತಿದ್ದೇನೆ. ಆದರೆ ನನ್ನ ಹಿಂದೆ ಕರ್ನಾಟಕದ ಕೋಟ್ಯಂತರ ಜನರು ನಿಂತಿದ್ದಾರೆ ಎಂದರು.
ರಾಜ್ಯಪಾಲರು ವಿಧಾನಸಭೆಯಲ್ಲಿ ಮಾತನಾಡಲು ನಿರಾಕರಿಸುವುದು ಸಣ್ಣ ಆಡಳಿತಾತ್ಮಕ ವಿಚಾರವಲ್ಲ. ಅದು ಜನರಿಂದ ಆಯ್ಕೆಯಾದ ಸರ್ಕಾರದ ಧ್ವನಿಯನ್ನು ಮೌನಗೊಳಿಸುವ ಪ್ರಯತ್ನವಾಗಿದೆ. ಇದು ವಿಧಾನಸಭೆಯ ಗೌರವವನ್ನು ತುಳಿಯುವ ನಡೆ ಮತ್ತು ಪ್ರಜಾಪ್ರಭುತ್ವದ ಮೇಲೆ ನೇರ ದಾಳಿ ಎಂದು ಅವರು ಆರೋಪಿಸಿದರು. ರಾಜ್ಯಪಾಲರು ಮಾತನಾಡುವುದು ಅವರ ಆಯ್ಕೆಯಲ್ಲ, ಅದು ಅವರ ಸಂವಿಧಾನಾತ್ಮಕ ಕರ್ತವ್ಯ. ಈ ಕರ್ತವ್ಯವನ್ನು ನಿರಾಕರಿಸುವುದು ಸಂವಿಧಾನದ ಆತ್ಮಕ್ಕೆ ಮಾಡಿದ ಅವಮಾನ ಎಂದರು.
ಅಪಾಯಕಾರಿ ದಾರಿಯಾಗಿದೆ. ಇದು ಪ್ರಜಾಪ್ರಭುತ್ವವನ್ನು ನಿಧಾನವಾಗಿ ಕೊಲ್ಲುವ ದಾರಿ ಎಂದು ಎಚ್ಚರಿಸಿದರು. ನಾನು ಇಲ್ಲಿ ನಿಂತಿರುವುದು ಗಲಾಟೆ ಮಾಡಲು ಅಲ್ಲ, ಯಾರನ್ನೂ ಕೆರಳಿಸಲು ಅಲ್ಲ, ಎಚ್ಚರಿಕೆ ನೀಡಲು. ನಾವು ಮೌನವಾಗಿದ್ದರೆ ಇಂದು ಕರ್ನಾಟಕ ನಾಳೆ ಇಡೀ ದೇಶವೇ ಇದರ ಬೆಲೆ ತೆರಬೇಕಾಗುತ್ತದೆ. ರಾಜ್ಯಪಾಲರ ಈ ನಡೆ ಸಂವಿಧಾನ ವಿರೋಧಿ ಎಂದು ಹೇಳಿದರು.
ಶ್ರೀ ಅಂಕನಾಥೇಶ್ವರ ಸ್ವಾಮಿ ಪ್ರಸನ್ನ
ಎಸ್.ಆರ್.ಮಿಲ್ಟ್ರಿ ಹೋಟೆಲ್
ಸಿಹಿಲ್ ಮತ್ತು ಕೆಂಪಣ್ಣರ್ಗಿ ಖಾನ ನಿಲ್ದಾಣ ಸಮೀಪ,
ಬಸವೇಶ್ವರ ರಸ್ತೆ, ತುಮಕೂರು
ಪ್ರತಿದಿನ ಬೆಳಿಗ್ಗೆ 10 ರಿಂದ ರಾತ್ರಿ 10.30 ಗಂಟೆವರೆಗೆ
ಬೆಳಗ್ಗೆ : 10 ರಿಂದ ಚಿಕನ್ ಬಿರಿಯಾನಿ, ಮಟನ್ ಬಿರಿಯಾನಿ, ಮುದ್ದೆ ಚಿಕನ್ ಸಾಂಬಾರ್ (ಚಿಕನ್ ಉಪ್ಪು ಸಾರು)
ಮಧ್ಯಾಹ್ನ : ಮುದ್ದೆ ಊಟ, ಮಟನ್ ಊಟ, ಚಿಕನ್ ಊಟ, ಬೋಟಿ ಊಟ, ತಲೆಮಾಂಸ ಊಟ, ಚಿಕನ್ ಮಸಾಲ ಊಟ, ಮಟನ್ ಮಸಾಲ ಊಟ, ಚಪಾತಿ, ಪರೋಟ, ಫಿಶ್ ಫ್ರೈ, ಚಿಕನ್ ಫ್ರೈ, ಮಟನ್ ಫ್ರೈ, ಬೋಟಿ ಫ್ರೈ, ಲಿವರ್ ಫ್ರೈ, ಮಟನ್ ಡ್ರೈ, ಚಿಕನ್ ಡ್ರೈ, ಬೋಟಿ ಡ್ರೈ, ಎಗ್ ಮಸಾಲ, ಎಗ್ ಫ್ರೈ, ಚಿಕನ್ ಕಬಾಬ್.
ಸೋಮವಾರವೂ ತೆರೆದಿರುತ್ತದೆ
Non Veg Only	ಪಾರ್ಸಲ್ ದೊರೆಯುತ್ತದೆ ಸಂಪರ್ಕಿಸಿ
9986776520
